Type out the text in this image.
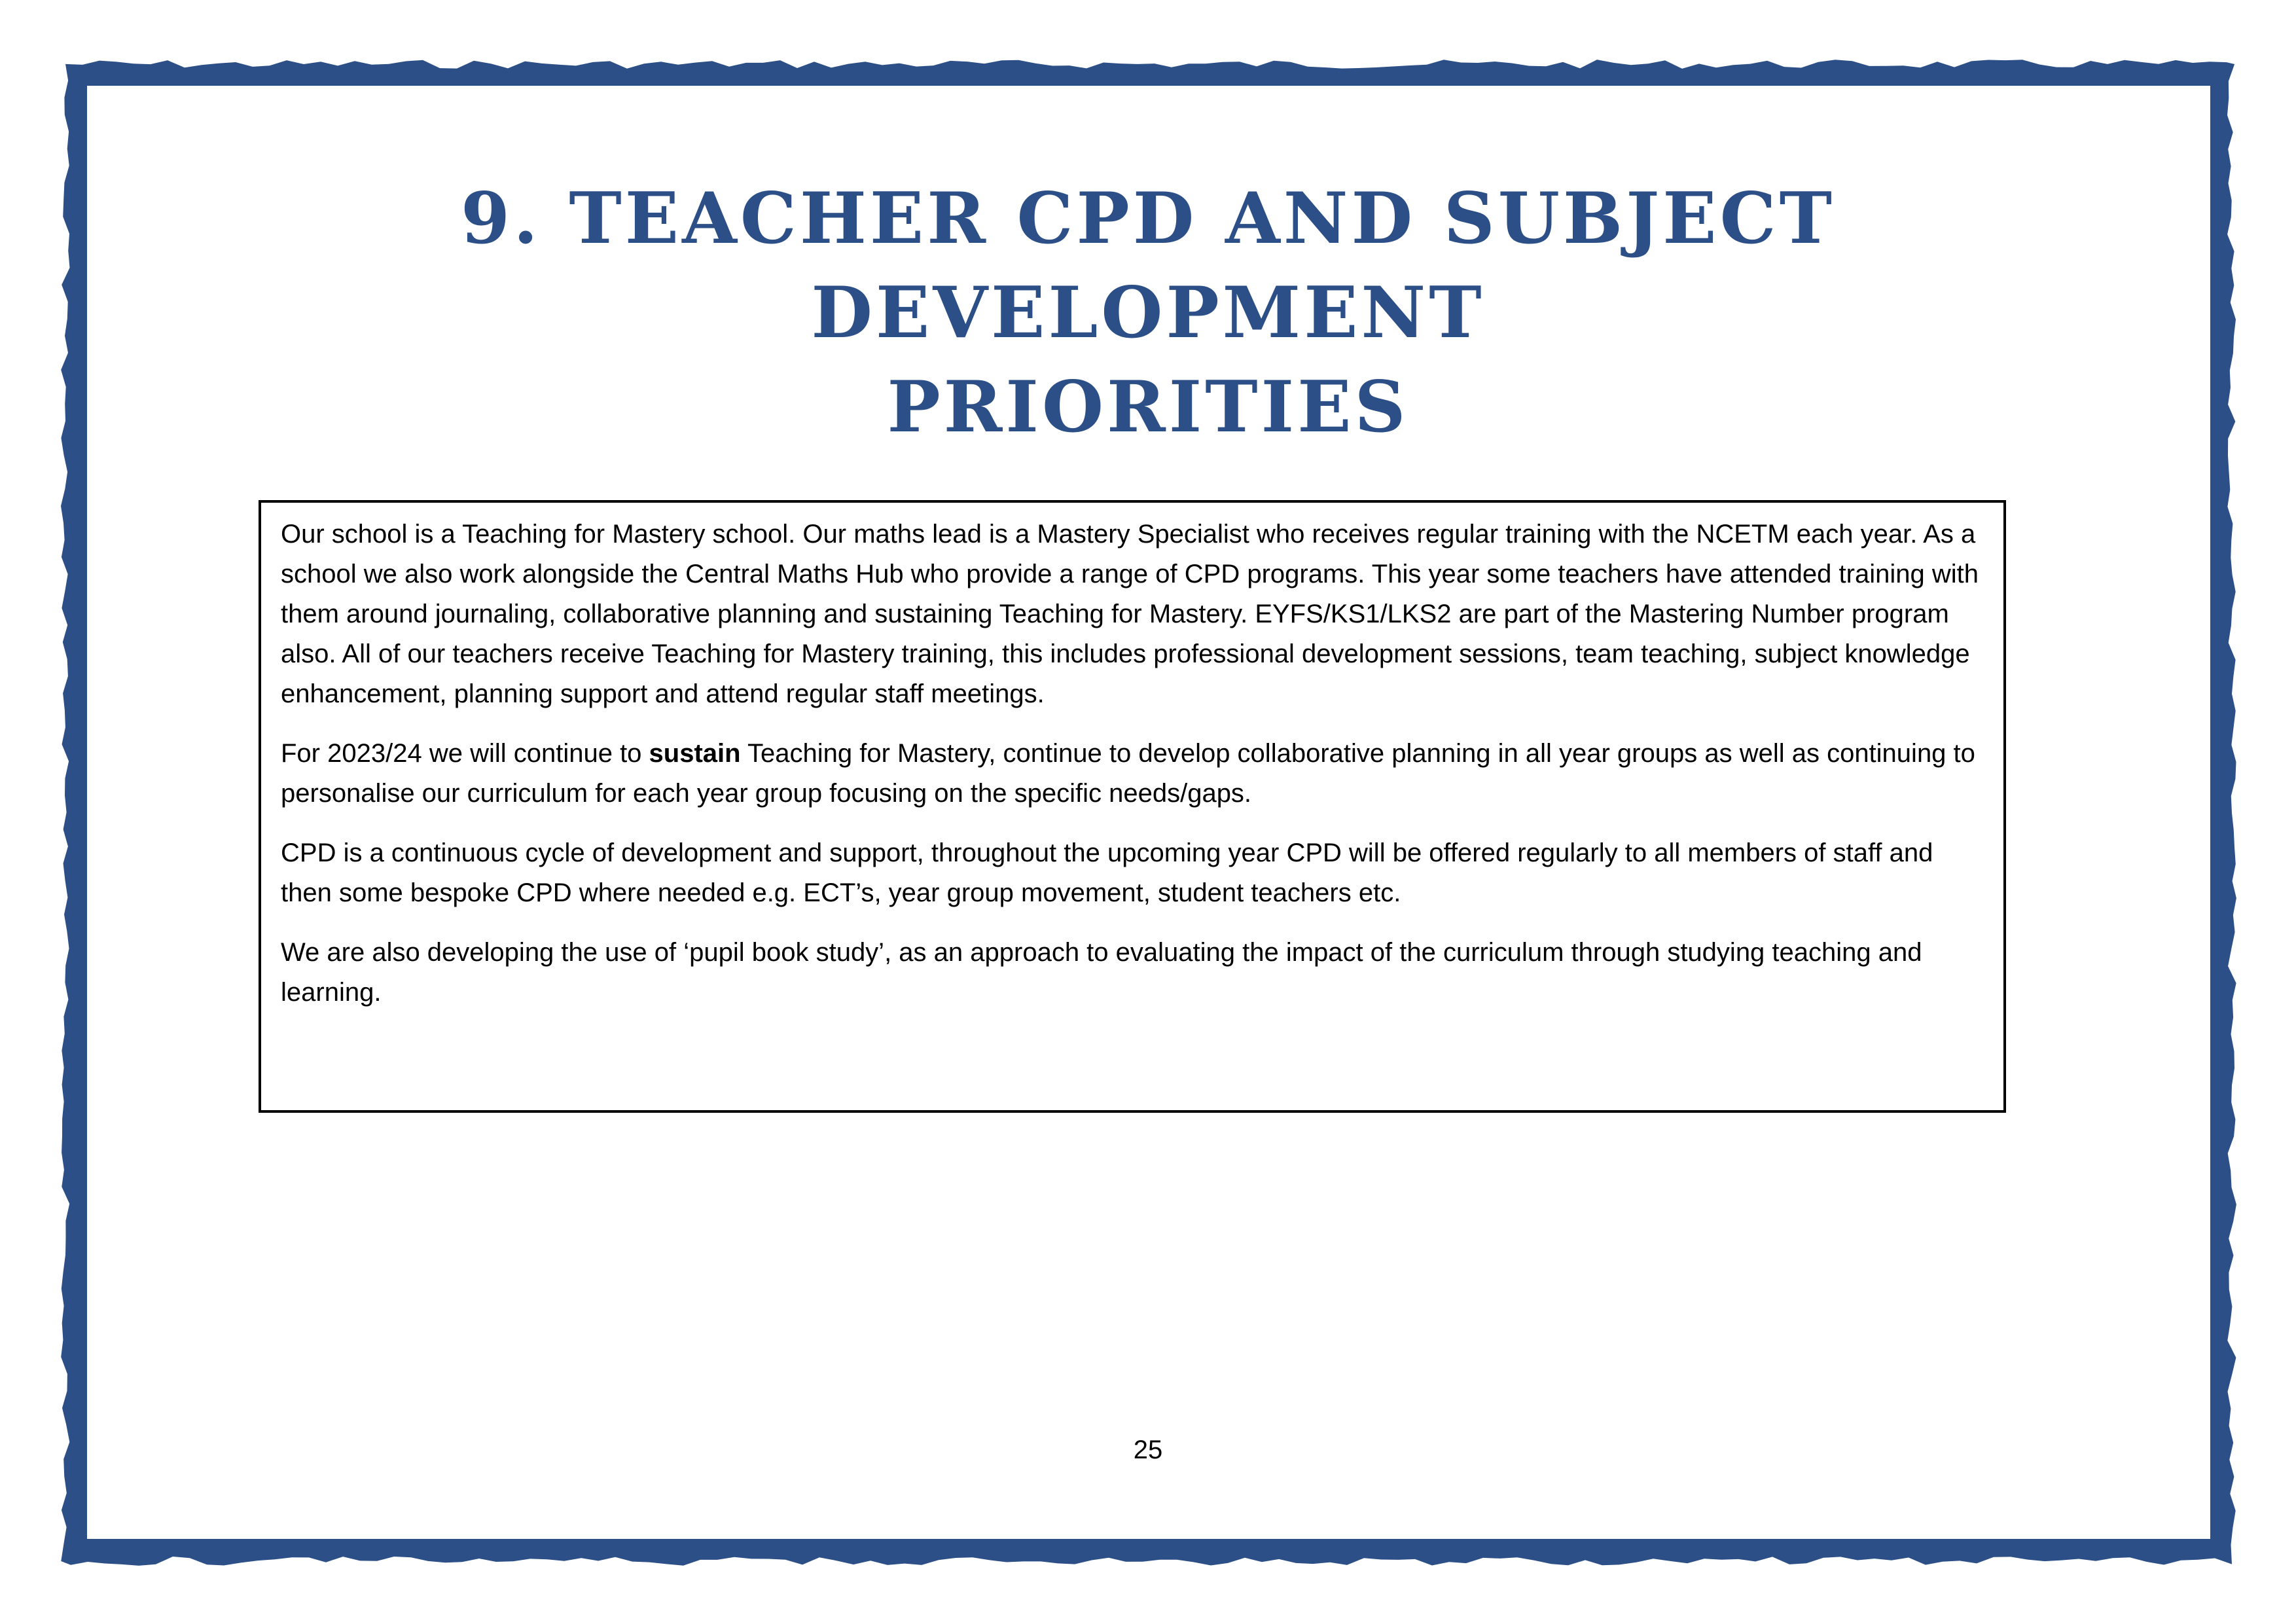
9. TEACHER CPD AND SUBJECT DEVELOPMENT
PRIORITIES

Our school is a Teaching for Mastery school. Our maths lead is a Mastery Specialist who receives regular training with the NCETM each year. As a school we also work alongside the Central Maths Hub who provide a range of CPD programs. This year some teachers have attended training with them around journaling, collaborative planning and sustaining Teaching for Mastery. EYFS/KS1/LKS2 are part of the Mastering Number program also. All of our teachers receive Teaching for Mastery training, this includes professional development sessions, team teaching, subject knowledge enhancement, planning support and attend regular staff meetings.

For 2023/24 we will continue to sustain Teaching for Mastery, continue to develop collaborative planning in all year groups as well as continuing to personalise our curriculum for each year group focusing on the specific needs/gaps.

CPD is a continuous cycle of development and support, throughout the upcoming year CPD will be offered regularly to all members of staff and then some bespoke CPD where needed e.g. ECT’s, year group movement, student teachers etc.

We are also developing the use of ‘pupil book study’, as an approach to evaluating the impact of the curriculum through studying teaching and learning.

25
